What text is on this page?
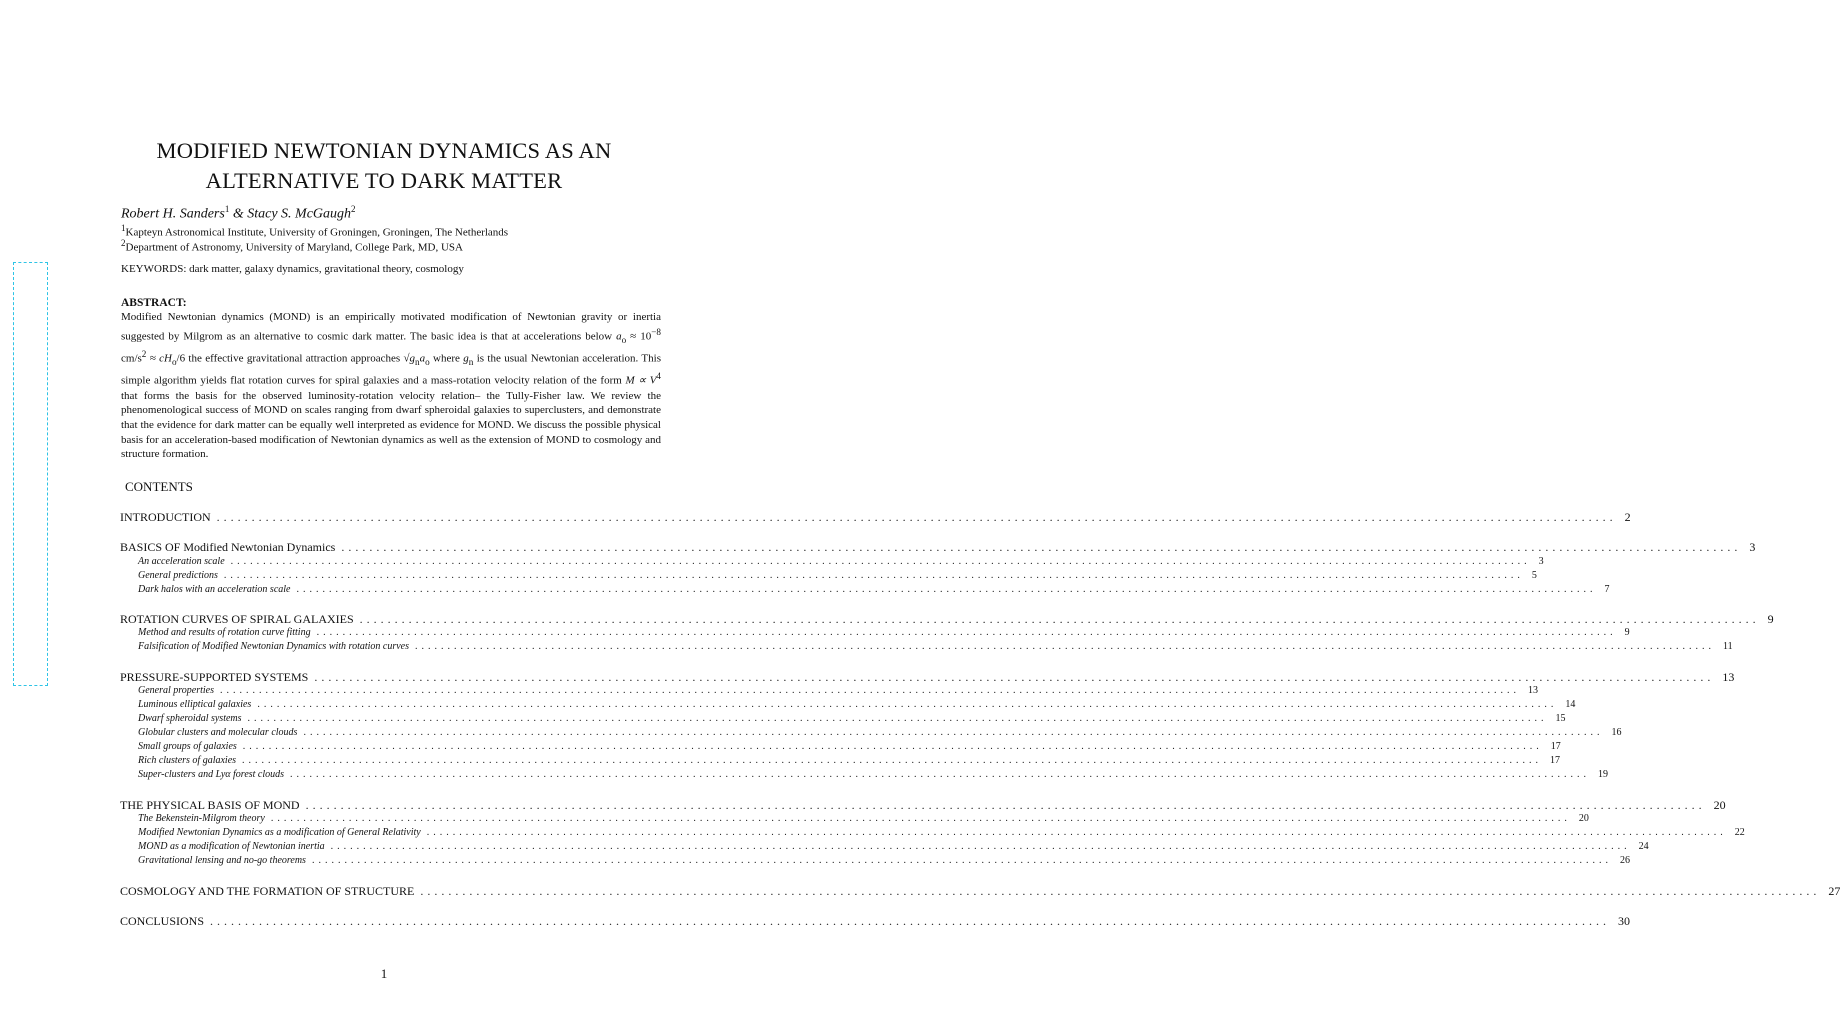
MODIFIED NEWTONIAN DYNAMICS AS AN
ALTERNATIVE TO DARK MATTER
Robert H. Sanders$^1$ & Stacy S. McGaugh$^2$
$^1$Kapteyn Astronomical Institute, University of Groningen, Groningen, The Netherlands
$^2$Department of Astronomy, University of Maryland, College Park, MD, USA
KEYWORDS: dark matter, galaxy dynamics, gravitational theory, cosmology
ABSTRACT:
Modified Newtonian dynamics (MOND) is an empirically motivated modification of Newtonian gravity or inertia suggested by Milgrom as an alternative to cosmic dark matter. The basic idea is that at accelerations below $a_o \approx 10^{-8}$ $cm/s^2 \approx cH_o/6$ the effective gravitational attraction approaches $√g_na_o$ where $g_n$ is the usual Newtonian acceleration. This simple algorithm yields flat rotation curves for spiral galaxies and a mass-rotation velocity relation of the form $M \propto V^4$ that forms the basis for the observed luminosity-rotation velocity relation– the Tully-Fisher law. We review the phenomenological success of MOND on scales ranging from dwarf spheroidal galaxies to superclusters, and demonstrate that the evidence for dark matter can be equally well interpreted as evidence for MOND. We discuss the possible physical basis for an acceleration-based modification of Newtonian dynamics as well as the extension of MOND to cosmology and structure formation.
CONTENTS
INTRODUCTION ........................................................................................................................................................................................................ 2
BASICS OF Modified Newtonian Dynamics ........................................................................................................................................................................................................ 3
An acceleration scale ........................................................................................................................................................................................................ 3
General predictions ........................................................................................................................................................................................................ 5
Dark halos with an acceleration scale ........................................................................................................................................................................................................ 7
ROTATION CURVES OF SPIRAL GALAXIES ........................................................................................................................................................................................................ 9
Method and results of rotation curve fitting ........................................................................................................................................................................................................ 9
Falsification of Modified Newtonian Dynamics with rotation curves ........................................................................................................................................................................................................ 11
PRESSURE-SUPPORTED SYSTEMS ........................................................................................................................................................................................................ 13
General properties ........................................................................................................................................................................................................ 13
Luminous elliptical galaxies ........................................................................................................................................................................................................ 14
Dwarf spheroidal systems ........................................................................................................................................................................................................ 15
Globular clusters and molecular clouds ........................................................................................................................................................................................................ 16
Small groups of galaxies ........................................................................................................................................................................................................ 17
Rich clusters of galaxies ........................................................................................................................................................................................................ 17
Super-clusters and Lyα forest clouds ........................................................................................................................................................................................................ 19
THE PHYSICAL BASIS OF MOND ........................................................................................................................................................................................................ 20
The Bekenstein-Milgrom theory ........................................................................................................................................................................................................ 20
Modified Newtonian Dynamics as a modification of General Relativity ........................................................................................................................................................................................................ 22
MOND as a modification of Newtonian inertia ........................................................................................................................................................................................................ 24
Gravitational lensing and no-go theorems ........................................................................................................................................................................................................ 26
COSMOLOGY AND THE FORMATION OF STRUCTURE ........................................................................................................................................................................................................ 27
CONCLUSIONS ........................................................................................................................................................................................................ 30
1
